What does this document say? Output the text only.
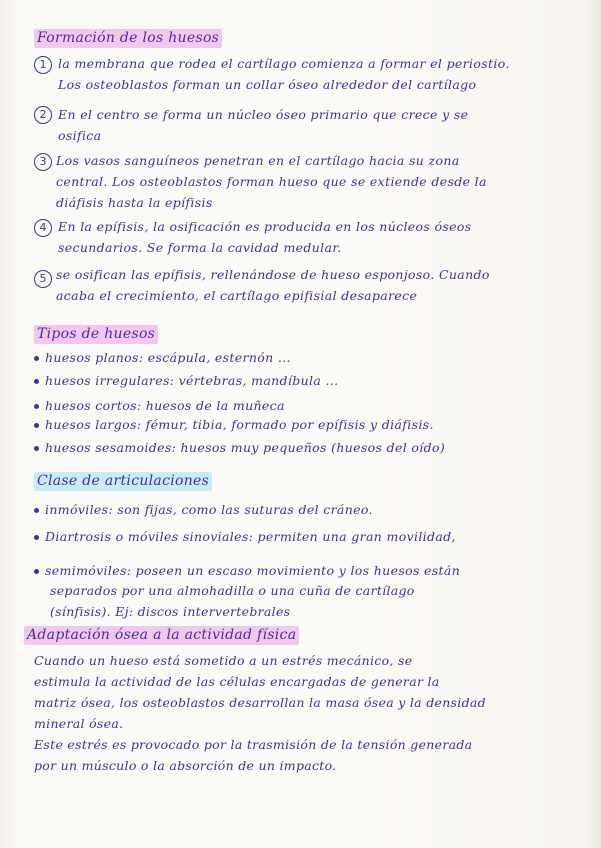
Formación de los huesos
1 la membrana que rodea el cartílago comienza a formar el periostio.
Los osteoblastos forman un collar óseo alrededor del cartílago
2 En el centro se forma un núcleo óseo primario que crece y se
osifica
3 Los vasos sanguíneos penetran en el cartílago hacia su zona
central. Los osteoblastos forman hueso que se extiende desde la
diáfisis hasta la epífisis
4 En la epífisis, la osificación es producida en los núcleos óseos
secundarios. Se forma la cavidad medular.
5 se osifican las epífisis, rellenándose de hueso esponjoso. Cuando
acaba el crecimiento, el cartílago epifisial desaparece
Tipos de huesos
huesos planos: escápula, esternón ...
huesos irregulares: vértebras, mandíbula ...
huesos cortos: huesos de la muñeca
huesos largos: fémur, tibia, formado por epífisis y diáfisis.
huesos sesamoides: huesos muy pequeños (huesos del oído)
Clase de articulaciones
inmóviles: son fijas, como las suturas del cráneo.
Diartrosis o móviles sinoviales: permiten una gran movilidad,
semimóviles: poseen un escaso movimiento y los huesos están
separados por una almohadilla o una cuña de cartílago
(sínfisis). Ej: discos intervertebrales
Adaptación ósea a la actividad física
Cuando un hueso está sometido a un estrés mecánico, se
estimula la actividad de las células encargadas de generar la
matriz ósea, los osteoblastos desarrollan la masa ósea y la densidad
mineral ósea.
Este estrés es provocado por la trasmisión de la tensión generada
por un músculo o la absorción de un impacto.
